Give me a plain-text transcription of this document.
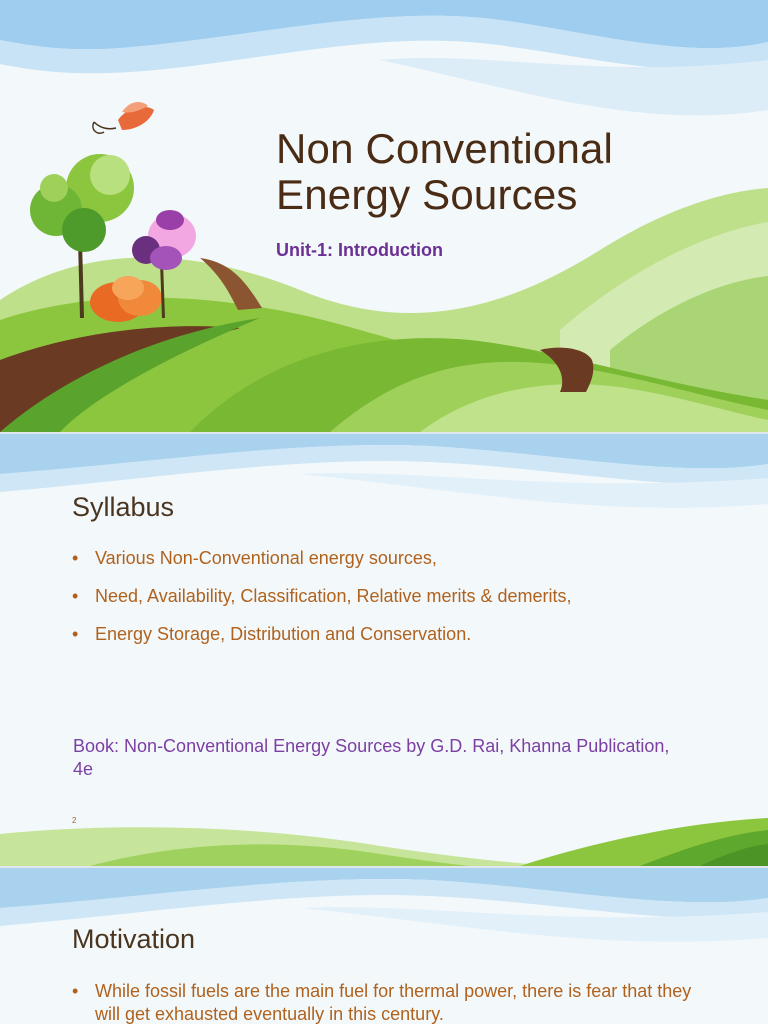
Non Conventional
Energy Sources
Unit-1: Introduction
Syllabus
• Various Non-Conventional energy sources,
• Need, Availability, Classification, Relative merits & demerits,
• Energy Storage, Distribution and Conservation.
Book: Non-Conventional Energy Sources by G.D. Rai, Khanna Publication, 4e
2
Motivation
• While fossil fuels are the main fuel for thermal power, there is fear that they will get exhausted eventually in this century.
